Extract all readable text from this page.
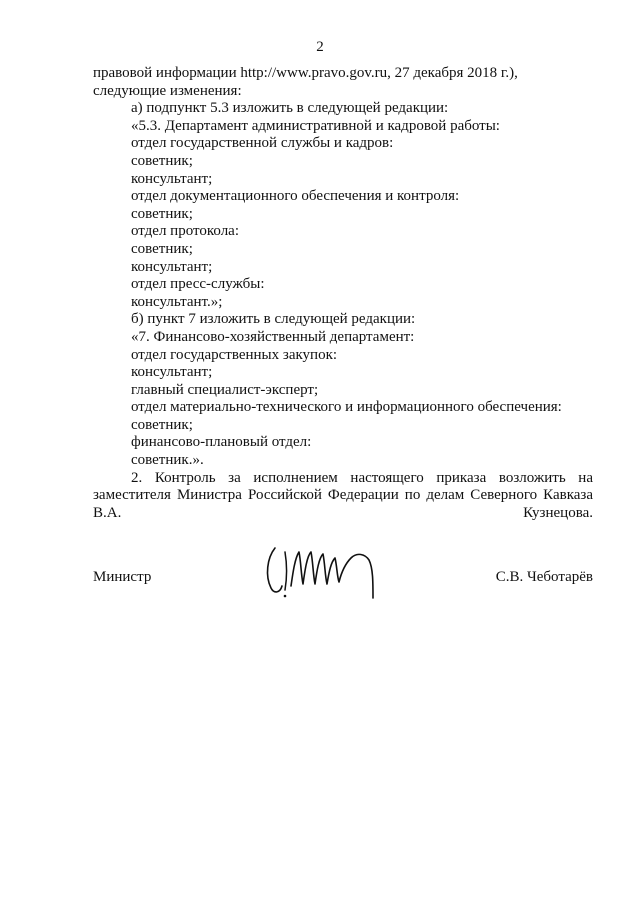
2
правовой информации http://www.pravo.gov.ru, 27 декабря 2018 г.), следующие изменения:
а) подпункт 5.3 изложить в следующей редакции:
«5.3. Департамент административной и кадровой работы:
отдел государственной службы и кадров:
советник;
консультант;
отдел документационного обеспечения и контроля:
советник;
отдел протокола:
советник;
консультант;
отдел пресс-службы:
консультант.»;
б) пункт 7 изложить в следующей редакции:
«7. Финансово-хозяйственный департамент:
отдел государственных закупок:
консультант;
главный специалист-эксперт;
отдел материально-технического и информационного обеспечения:
советник;
финансово-плановый отдел:
советник.».
2. Контроль за исполнением настоящего приказа возложить на заместителя Министра Российской Федерации по делам Северного Кавказа В.А. Кузнецова.
Министр	С.В. Чеботарёв
